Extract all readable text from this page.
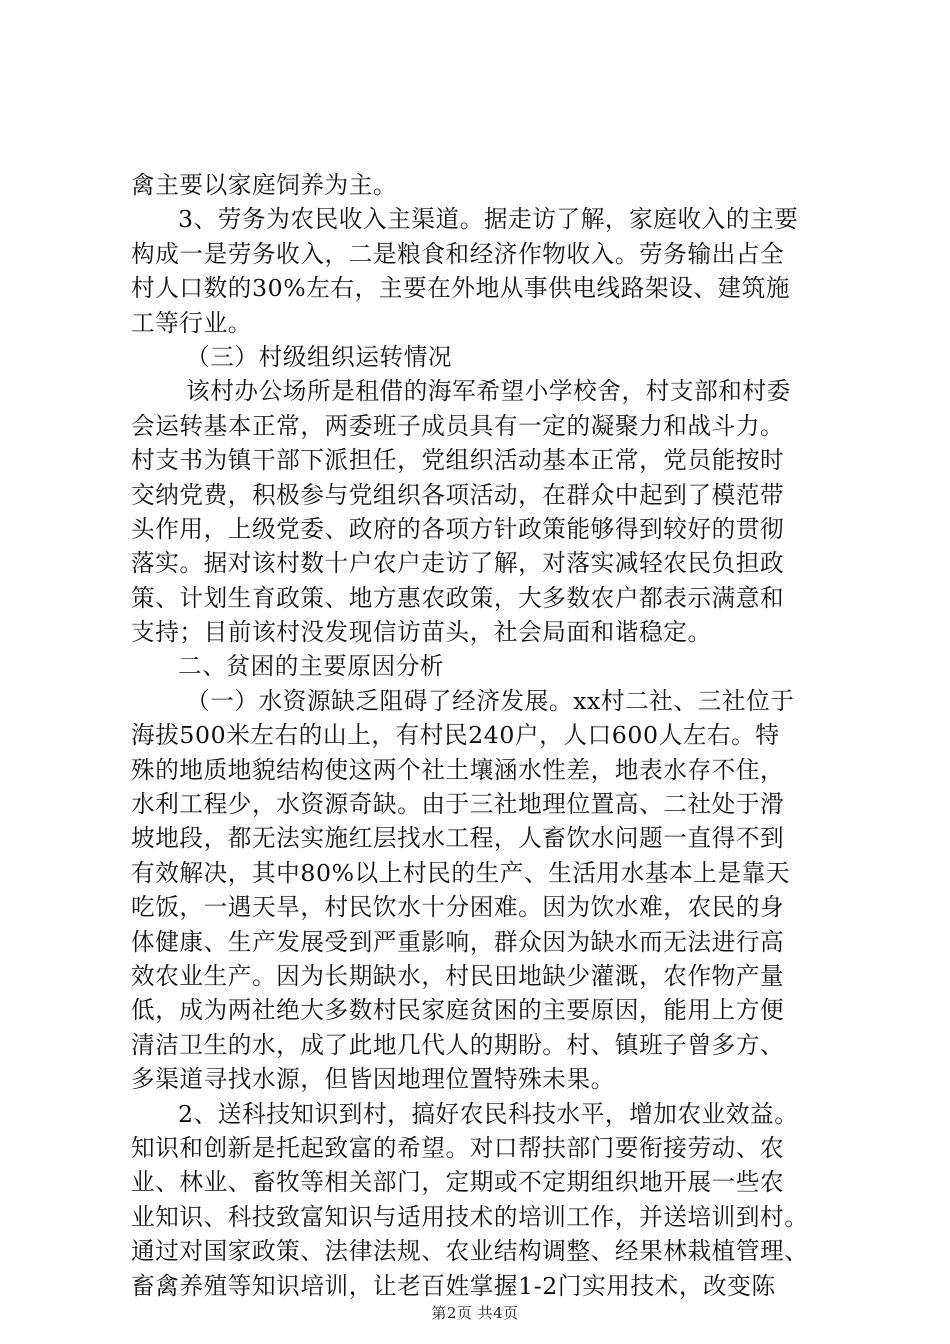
禽主要以家庭饲养为主。
3、劳务为农民收入主渠道。据走访了解，家庭收入的主要
构成一是劳务收入，二是粮食和经济作物收入。劳务输出占全
村人口数的30%左右，主要在外地从事供电线路架设、建筑施
工等行业。
（三）村级组织运转情况
该村办公场所是租借的海军希望小学校舍，村支部和村委
会运转基本正常，两委班子成员具有一定的凝聚力和战斗力。
村支书为镇干部下派担任，党组织活动基本正常，党员能按时
交纳党费，积极参与党组织各项活动，在群众中起到了模范带
头作用，上级党委、政府的各项方针政策能够得到较好的贯彻
落实。据对该村数十户农户走访了解，对落实减轻农民负担政
策、计划生育政策、地方惠农政策，大多数农户都表示满意和
支持；目前该村没发现信访苗头，社会局面和谐稳定。
二、贫困的主要原因分析
（一）水资源缺乏阻碍了经济发展。xx村二社、三社位于
海拔500米左右的山上，有村民240户，人口600人左右。特
殊的地质地貌结构使这两个社土壤涵水性差，地表水存不住，
水利工程少，水资源奇缺。由于三社地理位置高、二社处于滑
坡地段，都无法实施红层找水工程，人畜饮水问题一直得不到
有效解决，其中80%以上村民的生产、生活用水基本上是靠天
吃饭，一遇天旱，村民饮水十分困难。因为饮水难，农民的身
体健康、生产发展受到严重影响，群众因为缺水而无法进行高
效农业生产。因为长期缺水，村民田地缺少灌溉，农作物产量
低，成为两社绝大多数村民家庭贫困的主要原因，能用上方便
清洁卫生的水，成了此地几代人的期盼。村、镇班子曾多方、
多渠道寻找水源，但皆因地理位置特殊未果。
2、送科技知识到村，搞好农民科技水平，增加农业效益。
知识和创新是托起致富的希望。对口帮扶部门要衔接劳动、农
业、林业、畜牧等相关部门，定期或不定期组织地开展一些农
业知识、科技致富知识与适用技术的培训工作，并送培训到村。
通过对国家政策、法律法规、农业结构调整、经果林栽植管理、
畜禽养殖等知识培训，让老百姓掌握1-2门实用技术，改变陈
第2页 共4页
